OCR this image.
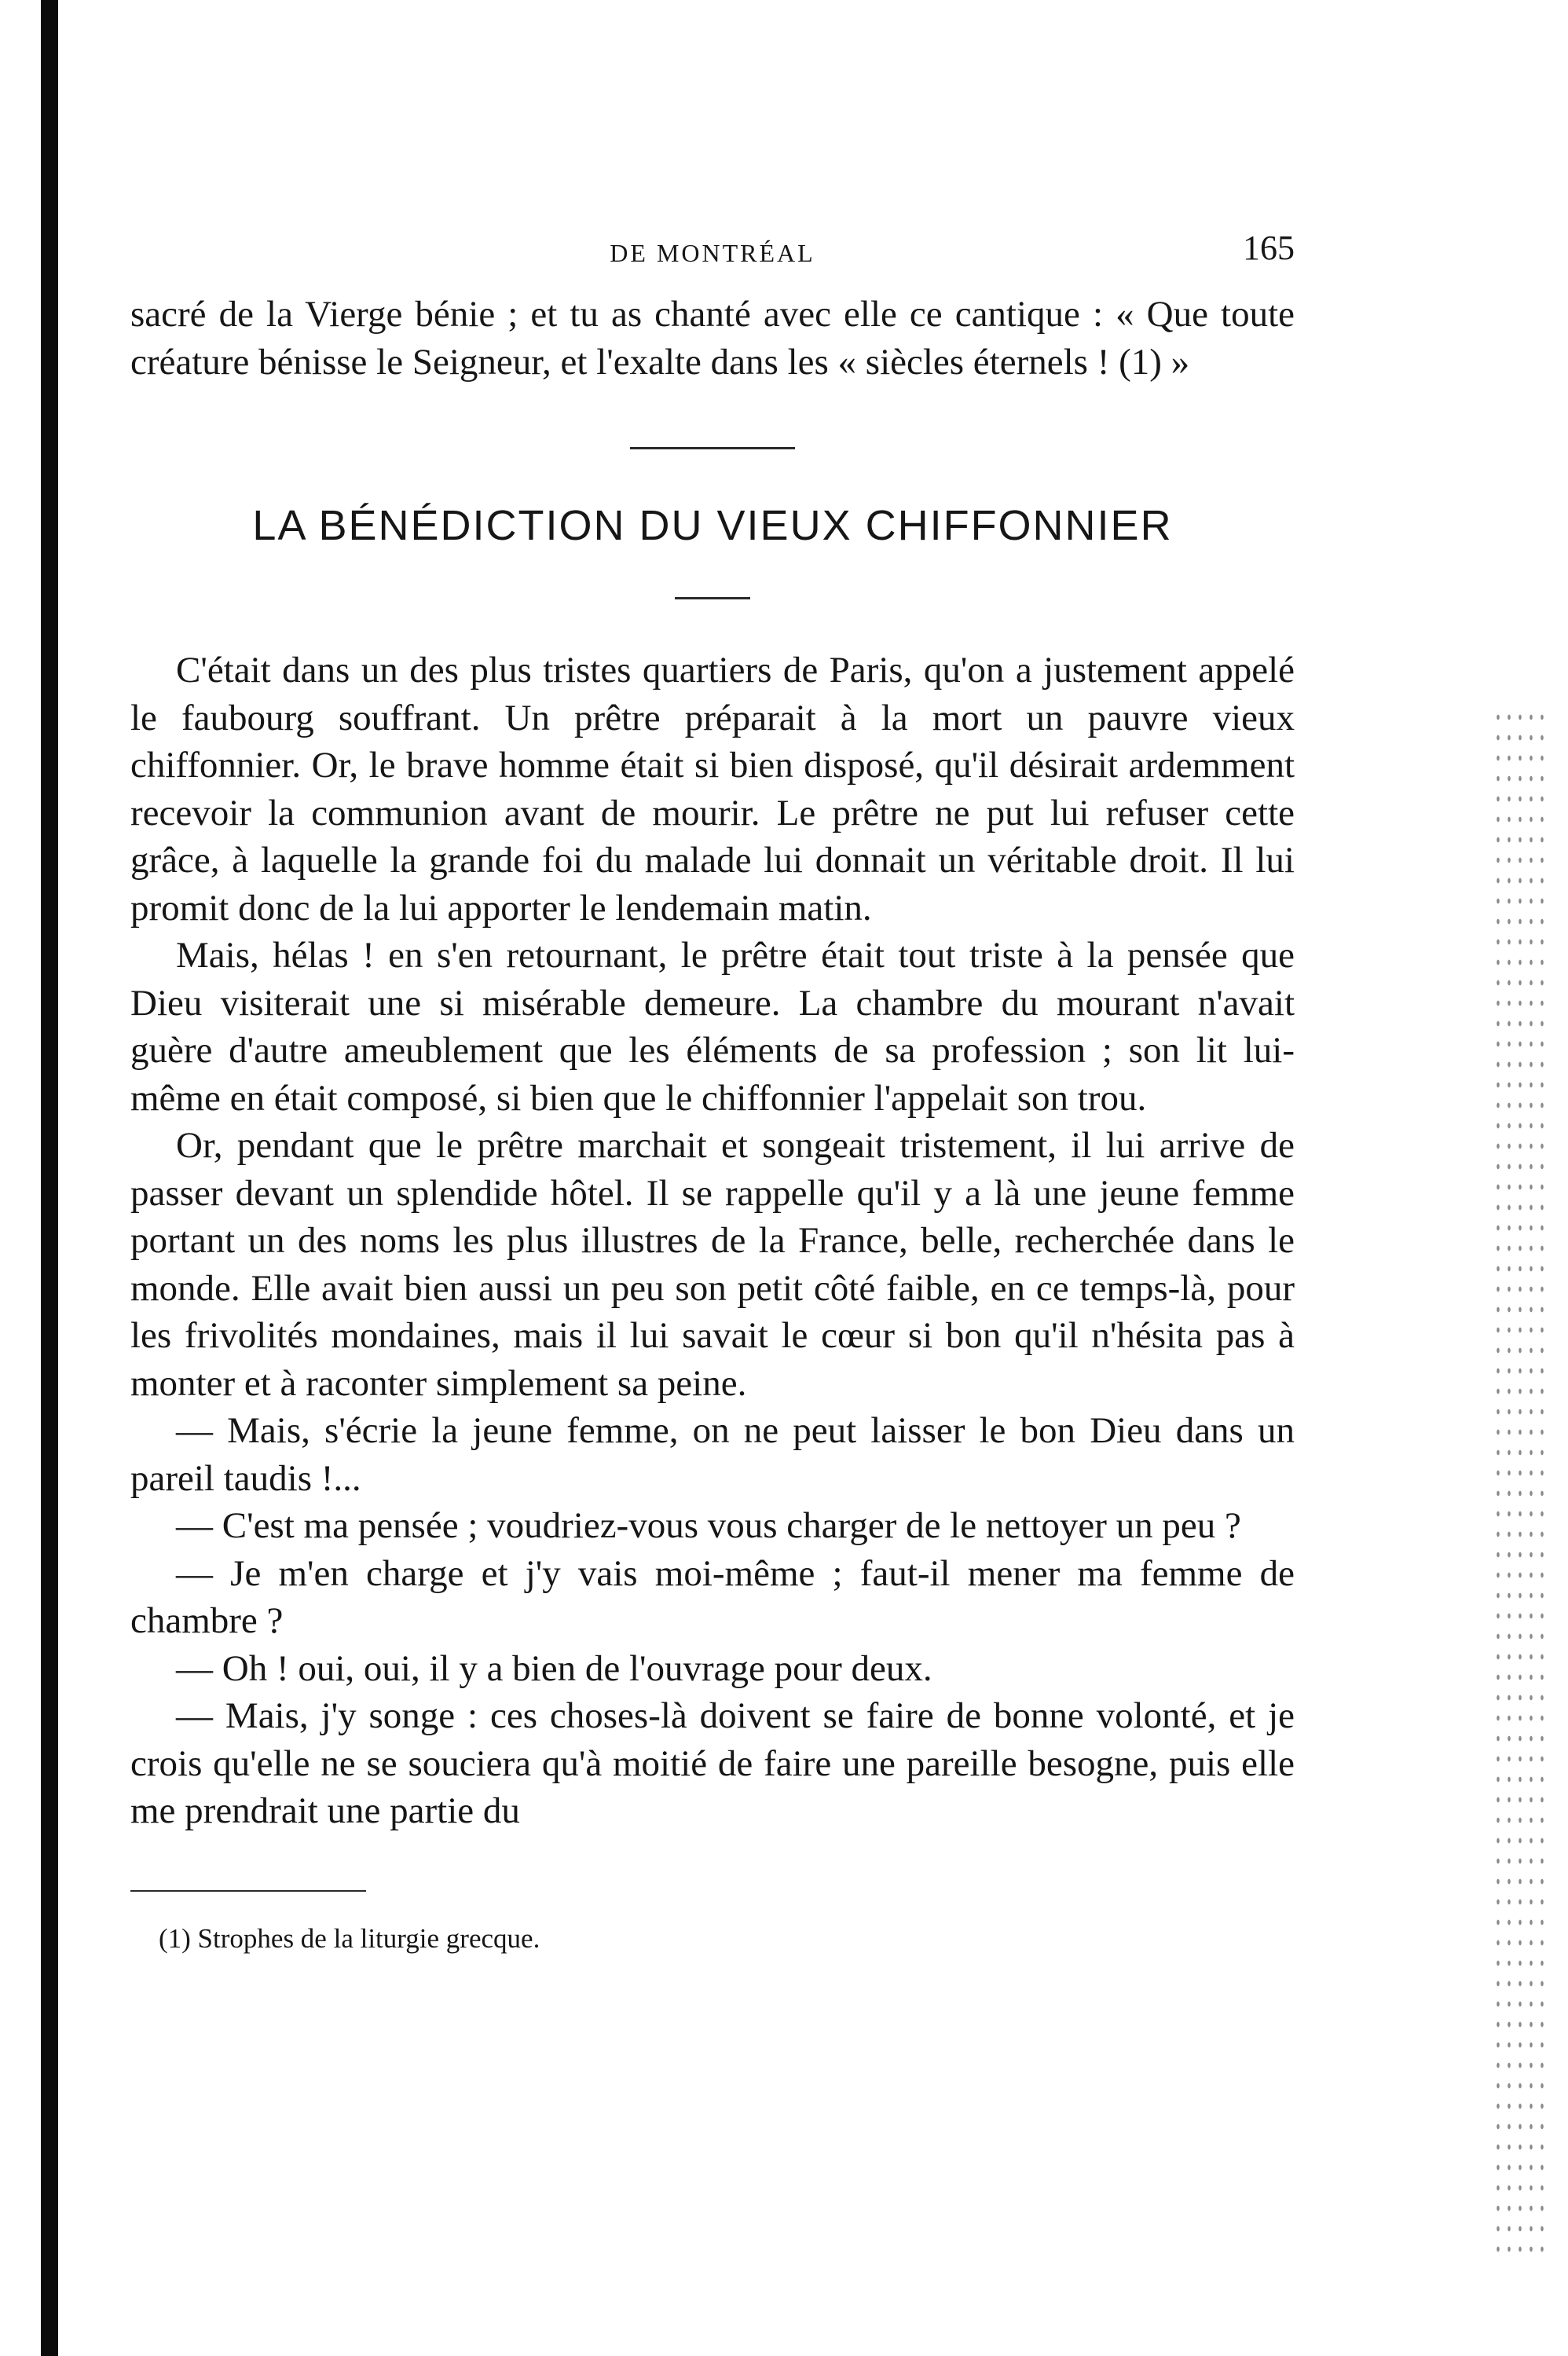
DE MONTRÉAL	165

sacré de la Vierge bénie ; et tu as chanté avec elle ce cantique : « Que toute créature bénisse le Seigneur, et l'exalte dans les « siècles éternels ! (1) »

LA BÉNÉDICTION DU VIEUX CHIFFONNIER

C'était dans un des plus tristes quartiers de Paris, qu'on a justement appelé le faubourg souffrant. Un prêtre préparait à la mort un pauvre vieux chiffonnier. Or, le brave homme était si bien disposé, qu'il désirait ardemment recevoir la communion avant de mourir. Le prêtre ne put lui refuser cette grâce, à laquelle la grande foi du malade lui donnait un véritable droit. Il lui promit donc de la lui apporter le lendemain matin.

Mais, hélas ! en s'en retournant, le prêtre était tout triste à la pensée que Dieu visiterait une si misérable demeure. La chambre du mourant n'avait guère d'autre ameublement que les éléments de sa profession ; son lit lui-même en était composé, si bien que le chiffonnier l'appelait son trou.

Or, pendant que le prêtre marchait et songeait tristement, il lui arrive de passer devant un splendide hôtel. Il se rappelle qu'il y a là une jeune femme portant un des noms les plus illustres de la France, belle, recherchée dans le monde. Elle avait bien aussi un peu son petit côté faible, en ce temps-là, pour les frivolités mondaines, mais il lui savait le cœur si bon qu'il n'hésita pas à monter et à raconter simplement sa peine.

— Mais, s'écrie la jeune femme, on ne peut laisser le bon Dieu dans un pareil taudis !...

— C'est ma pensée ; voudriez-vous vous charger de le nettoyer un peu ?

— Je m'en charge et j'y vais moi-même ; faut-il mener ma femme de chambre ?

— Oh ! oui, oui, il y a bien de l'ouvrage pour deux.

— Mais, j'y songe : ces choses-là doivent se faire de bonne volonté, et je crois qu'elle ne se souciera qu'à moitié de faire une pareille besogne, puis elle me prendrait une partie du

(1) Strophes de la liturgie grecque.
